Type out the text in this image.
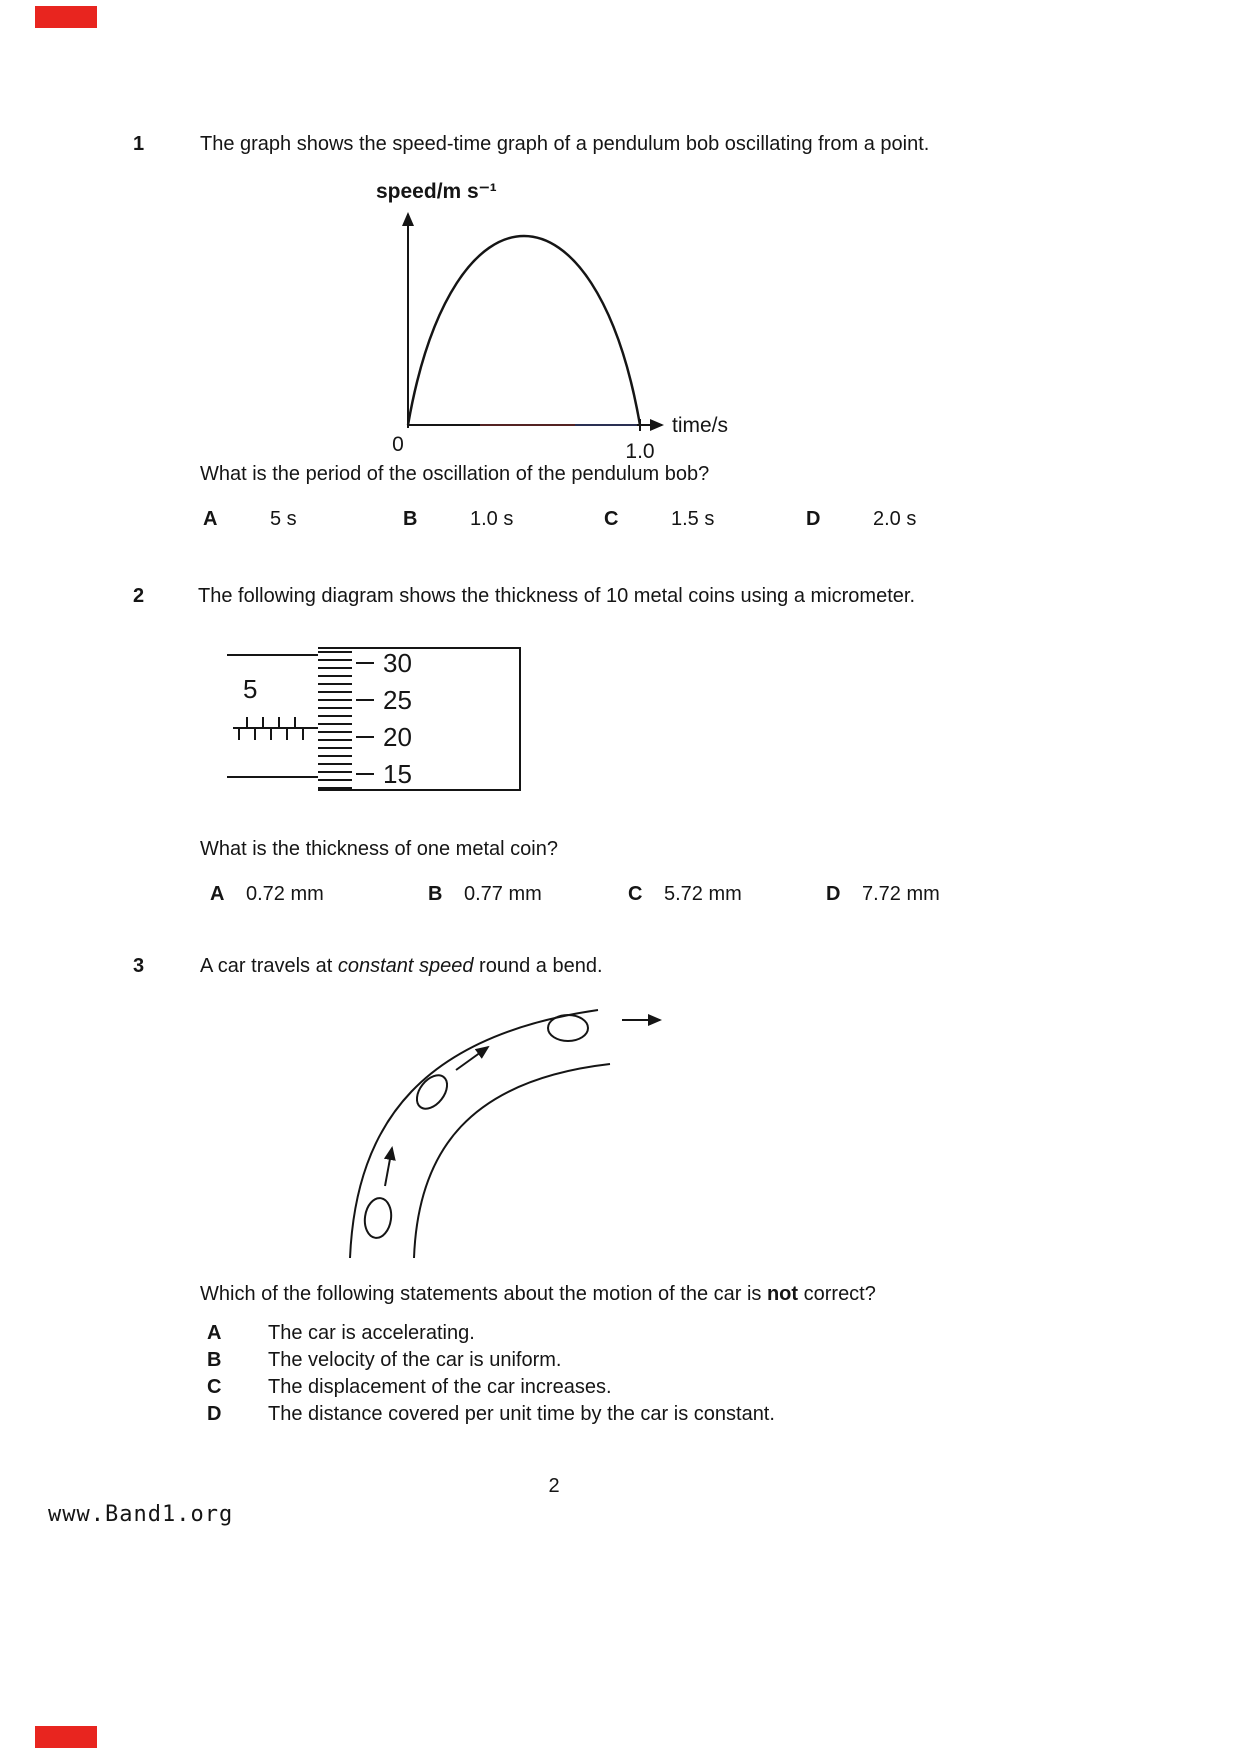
1	The graph shows the speed-time graph of a pendulum bob oscillating from a point.
speed/m s⁻¹
time/s
0	1.0
What is the period of the oscillation of the pendulum bob?
A	5 s	B	1.0 s	C	1.5 s	D	2.0 s
2	The following diagram shows the thickness of 10 metal coins using a micrometer.
30
25
20
15
5
What is the thickness of one metal coin?
A	0.72 mm	B	0.77 mm	C	5.72 mm	D	7.72 mm
3	A car travels at constant speed round a bend.
Which of the following statements about the motion of the car is not correct?
A	The car is accelerating.
B	The velocity of the car is uniform.
C	The displacement of the car increases.
D	The distance covered per unit time by the car is constant.
2
www.Band1.org
